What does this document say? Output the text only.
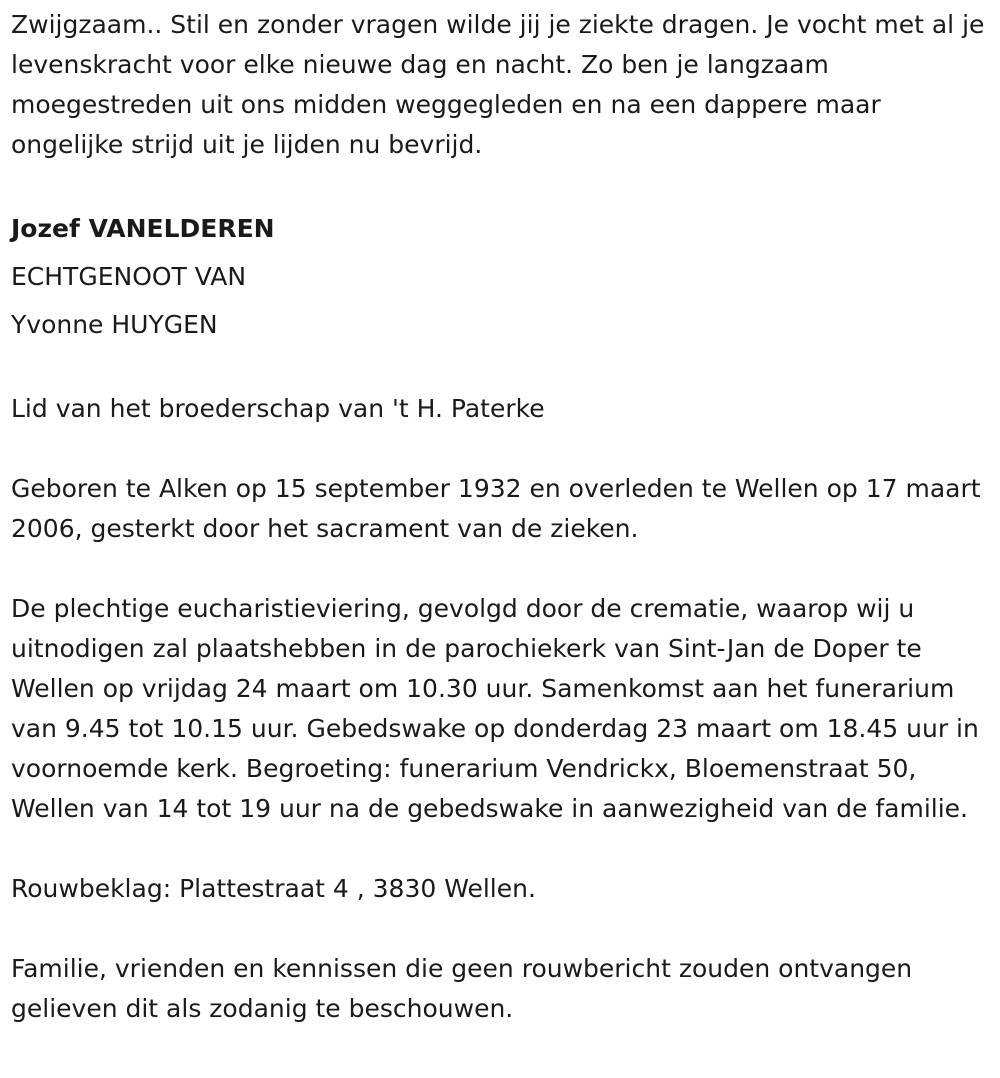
Zwijgzaam.. Stil en zonder vragen wilde jij je ziekte dragen. Je vocht met al je levenskracht voor elke nieuwe dag en nacht. Zo ben je langzaam moegestreden uit ons midden weggegleden en na een dappere maar ongelijke strijd uit je lijden nu bevrijd.

Jozef VANELDEREN
ECHTGENOOT VAN
Yvonne HUYGEN

Lid van het broederschap van 't H. Paterke

Geboren te Alken op 15 september 1932 en overleden te Wellen op 17 maart 2006, gesterkt door het sacrament van de zieken.

De plechtige eucharistieviering, gevolgd door de crematie, waarop wij u uitnodigen zal plaatshebben in de parochiekerk van Sint-Jan de Doper te Wellen op vrijdag 24 maart om 10.30 uur. Samenkomst aan het funerarium van 9.45 tot 10.15 uur. Gebedswake op donderdag 23 maart om 18.45 uur in voornoemde kerk. Begroeting: funerarium Vendrickx, Bloemenstraat 50, Wellen van 14 tot 19 uur na de gebedswake in aanwezigheid van de familie.

Rouwbeklag: Plattestraat 4 , 3830 Wellen.

Familie, vrienden en kennissen die geen rouwbericht zouden ontvangen gelieven dit als zodanig te beschouwen.
